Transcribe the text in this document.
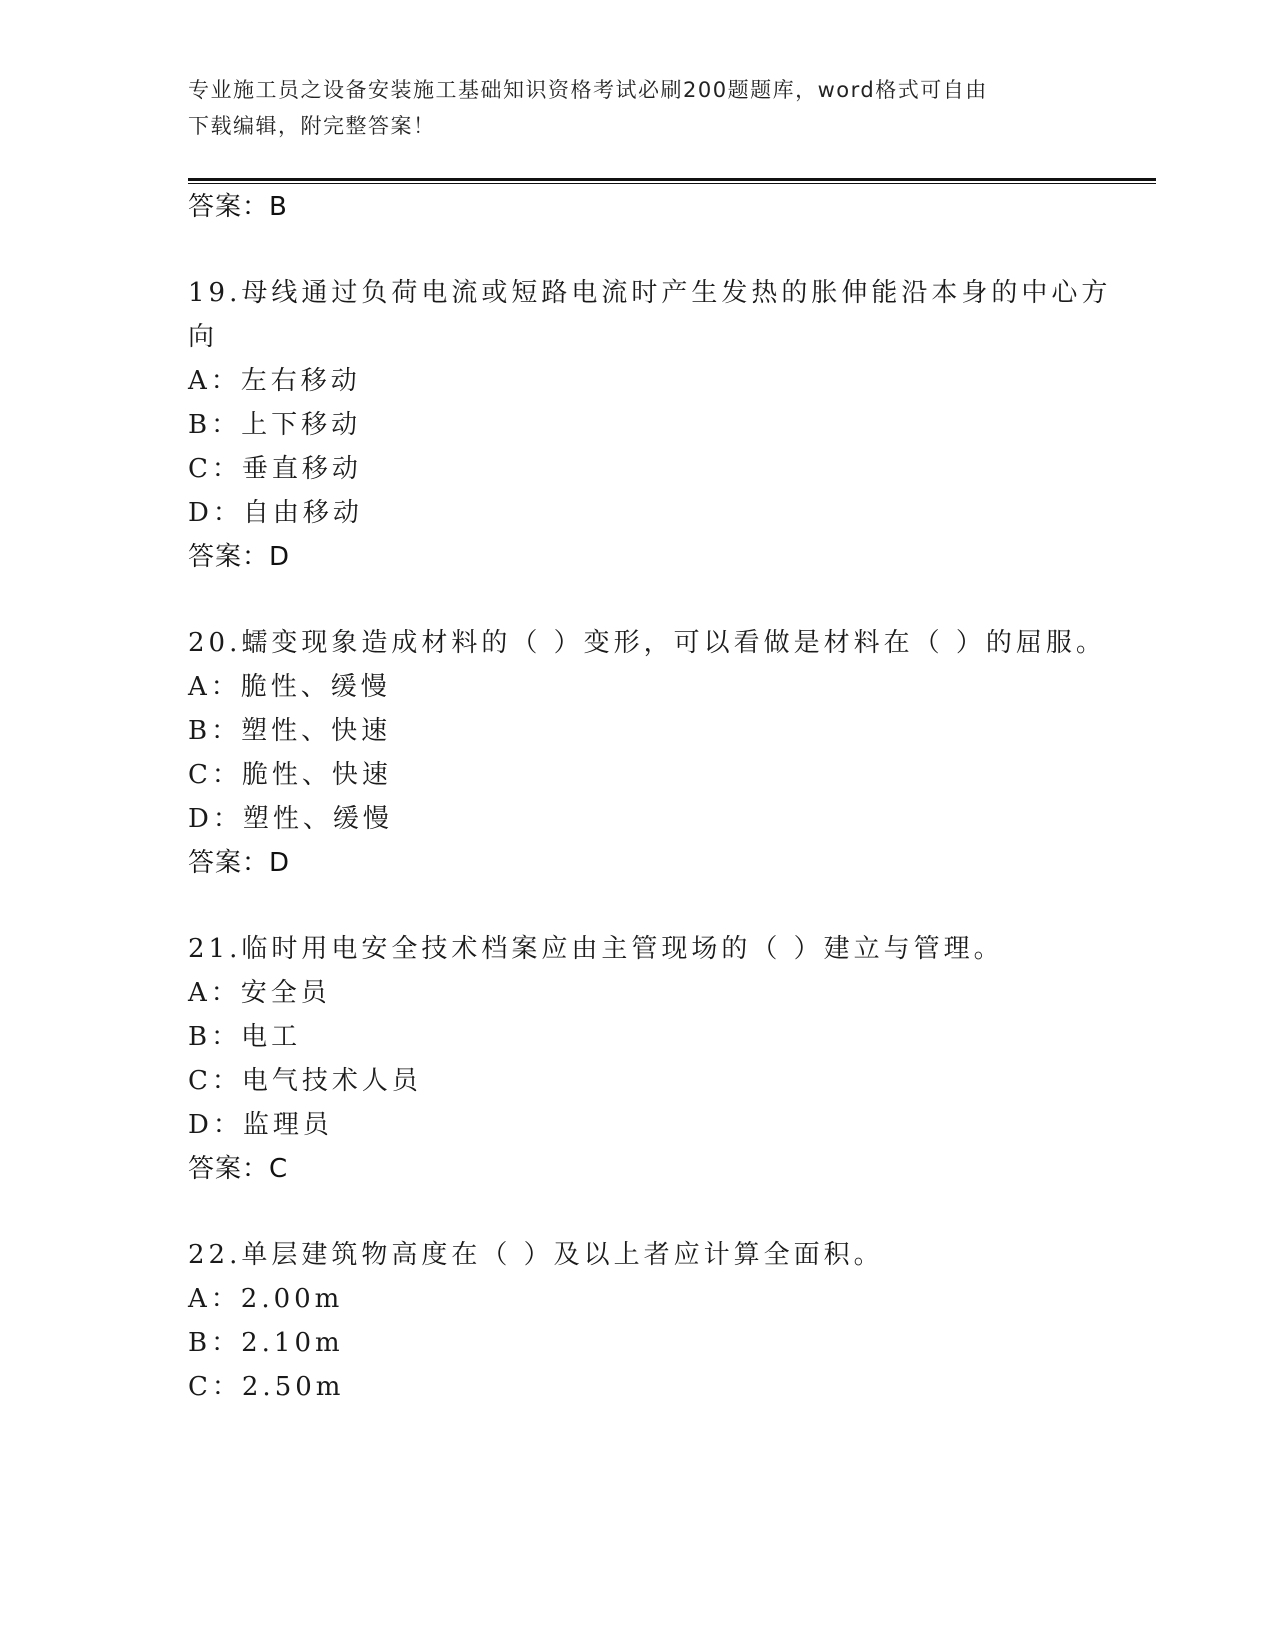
专业施工员之设备安装施工基础知识资格考试必刷200题题库，word格式可自由
下载编辑，附完整答案！
答案：B
19.母线通过负荷电流或短路电流时产生发热的胀伸能沿本身的中心方
向
A：左右移动
B：上下移动
C：垂直移动
D：自由移动
答案：D
20.蠕变现象造成材料的（ ）变形，可以看做是材料在（ ）的屈服。
A：脆性、缓慢
B：塑性、快速
C：脆性、快速
D：塑性、缓慢
答案：D
21.临时用电安全技术档案应由主管现场的（ ）建立与管理。
A：安全员
B：电工
C：电气技术人员
D：监理员
答案：C
22.单层建筑物高度在（ ）及以上者应计算全面积。
A：2.00m
B：2.10m
C：2.50m
